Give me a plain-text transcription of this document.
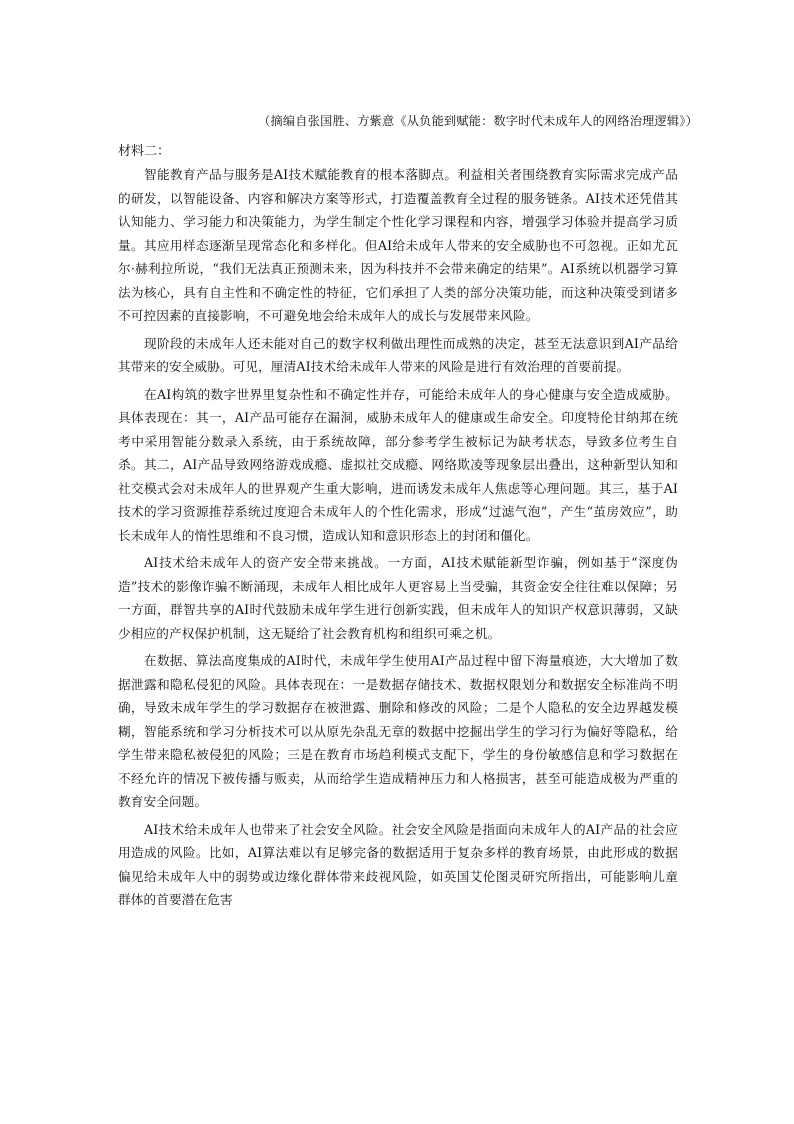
（摘编自张国胜、方紫意《从负能到赋能：数字时代未成年人的网络治理逻辑》）
材料二：

智能教育产品与服务是AI技术赋能教育的根本落脚点。利益相关者围绕教育实际需求完成产品的研发，以智能设备、内容和解决方案等形式，打造覆盖教育全过程的服务链条。AI技术还凭借其认知能力、学习能力和决策能力，为学生制定个性化学习课程和内容，增强学习体验并提高学习质量。其应用样态逐渐呈现常态化和多样化。但AI给未成年人带来的安全威胁也不可忽视。正如尤瓦尔·赫利拉所说，“我们无法真正预测未来，因为科技并不会带来确定的结果”。AI系统以机器学习算法为核心，具有自主性和不确定性的特征，它们承担了人类的部分决策功能，而这种决策受到诸多不可控因素的直接影响，不可避免地会给未成年人的成长与发展带来风险。

现阶段的未成年人还未能对自己的数字权利做出理性而成熟的决定，甚至无法意识到AI产品给其带来的安全威胁。可见，厘清AI技术给未成年人带来的风险是进行有效治理的首要前提。

在AI构筑的数字世界里复杂性和不确定性并存，可能给未成年人的身心健康与安全造成威胁。具体表现在：其一，AI产品可能存在漏洞，威胁未成年人的健康或生命安全。印度特伦甘纳邦在统考中采用智能分数录入系统，由于系统故障，部分参考学生被标记为缺考状态，导致多位考生自杀。其二，AI产品导致网络游戏成瘾、虚拟社交成瘾、网络欺凌等现象层出叠出，这种新型认知和社交模式会对未成年人的世界观产生重大影响，进而诱发未成年人焦虑等心理问题。其三，基于AI技术的学习资源推荐系统过度迎合未成年人的个性化需求，形成“过滤气泡”，产生“茧房效应”，助长未成年人的惰性思维和不良习惯，造成认知和意识形态上的封闭和僵化。

AI技术给未成年人的资产安全带来挑战。一方面，AI技术赋能新型诈骗，例如基于“深度伪造”技术的影像诈骗不断涌现，未成年人相比成年人更容易上当受骗，其资金安全往往难以保障；另一方面，群智共享的AI时代鼓励未成年学生进行创新实践，但未成年人的知识产权意识薄弱，又缺少相应的产权保护机制，这无疑给了社会教育机构和组织可乘之机。

在数据、算法高度集成的AI时代，未成年学生使用AI产品过程中留下海量痕迹，大大增加了数据泄露和隐私侵犯的风险。具体表现在：一是数据存储技术、数据权限划分和数据安全标准尚不明确，导致未成年学生的学习数据存在被泄露、删除和修改的风险；二是个人隐私的安全边界越发模糊，智能系统和学习分析技术可以从原先杂乱无章的数据中挖掘出学生的学习行为偏好等隐私，给学生带来隐私被侵犯的风险；三是在教育市场趋利模式支配下，学生的身份敏感信息和学习数据在不经允许的情况下被传播与贩卖，从而给学生造成精神压力和人格损害，甚至可能造成极为严重的教育安全问题。

AI技术给未成年人也带来了社会安全风险。社会安全风险是指面向未成年人的AI产品的社会应用造成的风险。比如，AI算法难以有足够完备的数据适用于复杂多样的教育场景，由此形成的数据偏见给未成年人中的弱势或边缘化群体带来歧视风险，如英国艾伦图灵研究所指出，可能影响儿童群体的首要潜在危害
